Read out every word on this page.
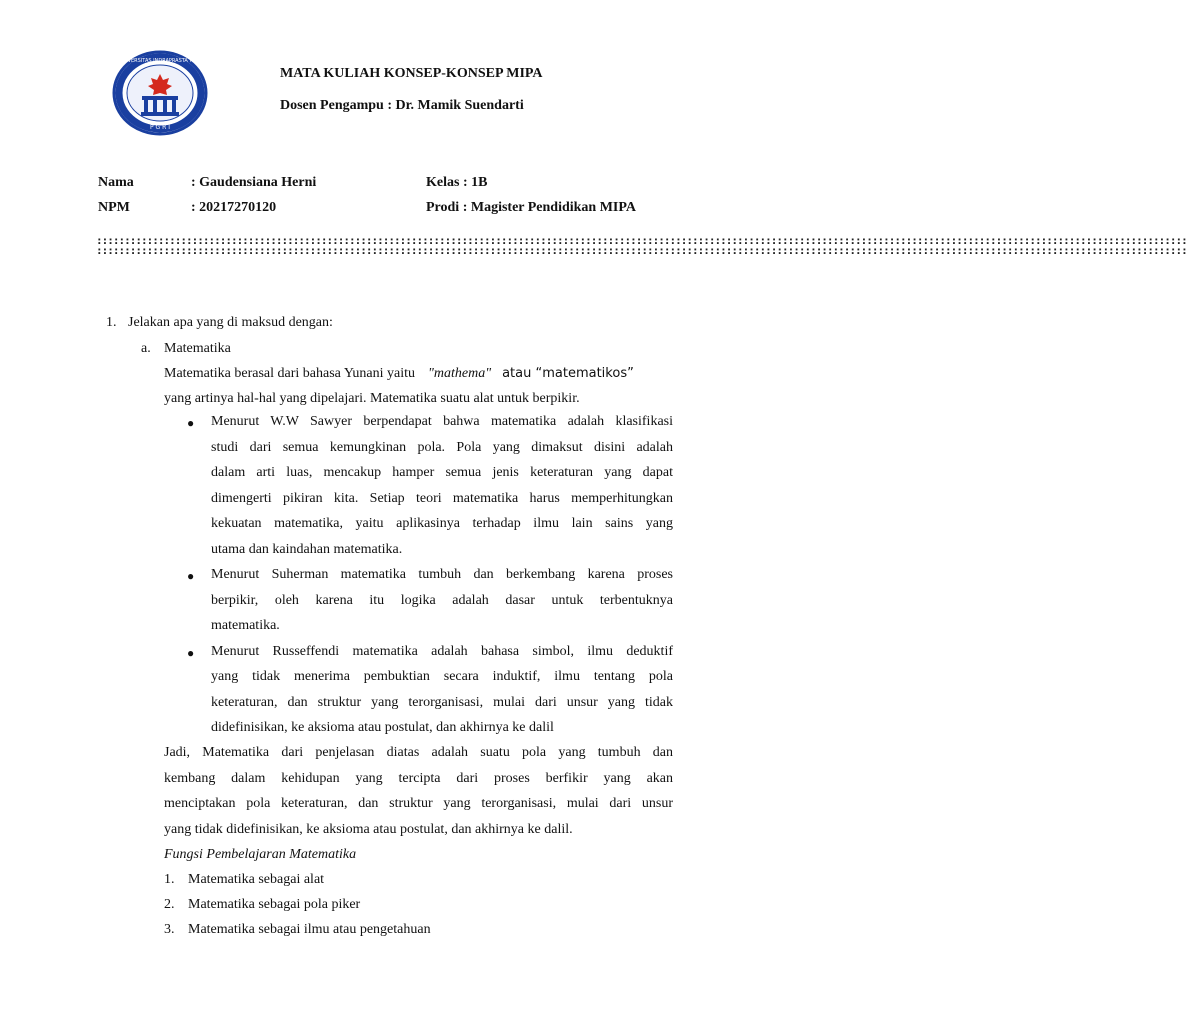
P G R I
UNIVERSITAS INDRAPRASTA PGRI
MATA KULIAH KONSEP-KONSEP MIPA
Dosen Pengampu : Dr. Mamik Suendarti
Nama	: Gaudensiana Herni	Kelas : 1B
NPM	: 20217270120	Prodi : Magister Pendidikan MIPA
::::::::::::::::::::::::::::::::::::::::::::::::::::::::::::::::::::::::::::::::::::::::::::::::::::::::::::::::::::::::::::::::::::::::::::::::::::::::::::::::::::::::::::::::::::::::::::::::::
::::::::::::::::::::::::::::::::::::::::::::::::::::::::::::::::::::::::::::::::::::::::::::::::::::::::::::::::::::::::::::::::::::::::::::::::::::::::::::::::::::::::::::::::::::::::::::::::::
1. Jelakan apa yang di maksud dengan:
a. Matematika
Matematika berasal dari bahasa Yunani yaitu "mathema" atau “matematikos”
yang artinya hal-hal yang dipelajari. Matematika suatu alat untuk berpikir.
● Menurut W.W Sawyer berpendapat bahwa matematika adalah klasifikasi
studi dari semua kemungkinan pola. Pola yang dimaksut disini adalah
dalam arti luas, mencakup hamper semua jenis keteraturan yang dapat
dimengerti pikiran kita. Setiap teori matematika harus memperhitungkan
kekuatan matematika, yaitu aplikasinya terhadap ilmu lain sains yang
utama dan kaindahan matematika.
● Menurut Suherman matematika tumbuh dan berkembang karena proses
berpikir, oleh karena itu logika adalah dasar untuk terbentuknya
matematika.
● Menurut Russeffendi matematika adalah bahasa simbol, ilmu deduktif
yang tidak menerima pembuktian secara induktif, ilmu tentang pola
keteraturan, dan struktur yang terorganisasi, mulai dari unsur yang tidak
didefinisikan, ke aksioma atau postulat, dan akhirnya ke dalil
Jadi, Matematika dari penjelasan diatas adalah suatu pola yang tumbuh dan
kembang dalam kehidupan yang tercipta dari proses berfikir yang akan
menciptakan pola keteraturan, dan struktur yang terorganisasi, mulai dari unsur
yang tidak didefinisikan, ke aksioma atau postulat, dan akhirnya ke dalil.
Fungsi Pembelajaran Matematika
1. Matematika sebagai alat
2. Matematika sebagai pola piker
3. Matematika sebagai ilmu atau pengetahuan
